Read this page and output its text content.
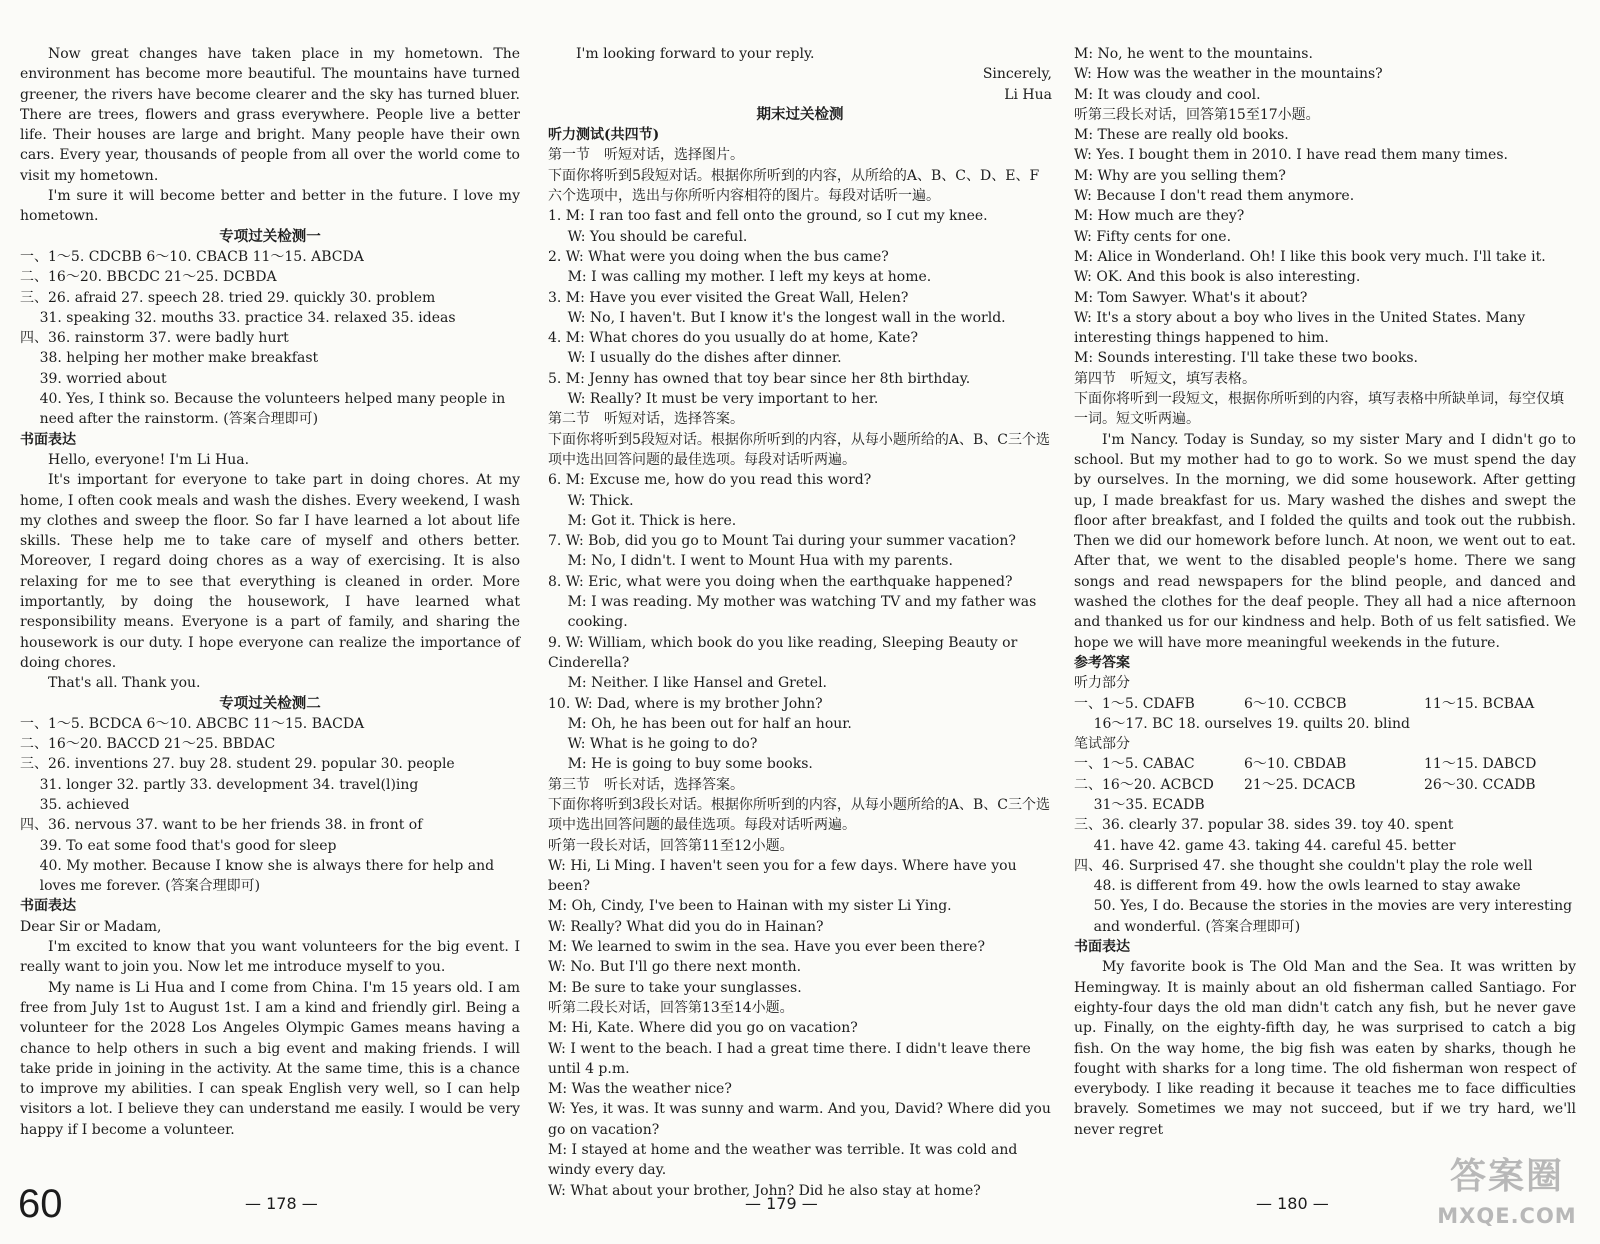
Now great changes have taken place in my hometown. The environment has become more beautiful. The mountains have turned greener, the rivers have become clearer and the sky has turned bluer. There are trees, flowers and grass everywhere. People live a better life. Their houses are large and bright. Many people have their own cars. Every year, thousands of people from all over the world come to visit my hometown.
I'm sure it will become better and better in the future. I love my hometown.
专项过关检测一
一、1～5. CDCBB 6～10. CBACB 11～15. ABCDA
二、16～20. BBCDC 21～25. DCBDA
三、26. afraid 27. speech 28. tried 29. quickly 30. problem
31. speaking 32. mouths 33. practice 34. relaxed 35. ideas
四、36. rainstorm 37. were badly hurt
38. helping her mother make breakfast
39. worried about
40. Yes, I think so. Because the volunteers helped many people in need after the rainstorm. (答案合理即可)
书面表达
Hello, everyone! I'm Li Hua.
It's important for everyone to take part in doing chores. At my home, I often cook meals and wash the dishes. Every weekend, I wash my clothes and sweep the floor. So far I have learned a lot about life skills. These help me to take care of myself and others better. Moreover, I regard doing chores as a way of exercising. It is also relaxing for me to see that everything is cleaned in order. More importantly, by doing the housework, I have learned what responsibility means. Everyone is a part of family, and sharing the housework is our duty. I hope everyone can realize the importance of doing chores.
That's all. Thank you.
专项过关检测二
一、1～5. BCDCA 6～10. ABCBC 11～15. BACDA
二、16～20. BACCD 21～25. BBDAC
三、26. inventions 27. buy 28. student 29. popular 30. people
31. longer 32. partly 33. development 34. travel(l)ing
35. achieved
四、36. nervous 37. want to be her friends 38. in front of
39. To eat some food that's good for sleep
40. My mother. Because I know she is always there for help and loves me forever. (答案合理即可)
书面表达
Dear Sir or Madam,
I'm excited to know that you want volunteers for the big event. I really want to join you. Now let me introduce myself to you.
My name is Li Hua and I come from China. I'm 15 years old. I am free from July 1st to August 1st. I am a kind and friendly girl. Being a volunteer for the 2028 Los Angeles Olympic Games means having a chance to help others in such a big event and making friends. I will take pride in joining in the activity. At the same time, this is a chance to improve my abilities. I can speak English very well, so I can help visitors a lot. I believe they can understand me easily. I would be very happy if I become a volunteer.
I'm looking forward to your reply.
Sincerely,
Li Hua
期末过关检测
听力测试(共四节)
第一节　听短对话，选择图片。
下面你将听到5段短对话。根据你所听到的内容，从所给的A、B、C、D、E、F六个选项中，选出与你所听内容相符的图片。每段对话听一遍。
1. M: I ran too fast and fell onto the ground, so I cut my knee.
W: You should be careful.
2. W: What were you doing when the bus came?
M: I was calling my mother. I left my keys at home.
3. M: Have you ever visited the Great Wall, Helen?
W: No, I haven't. But I know it's the longest wall in the world.
4. M: What chores do you usually do at home, Kate?
W: I usually do the dishes after dinner.
5. M: Jenny has owned that toy bear since her 8th birthday.
W: Really? It must be very important to her.
第二节　听短对话，选择答案。
下面你将听到5段短对话。根据你所听到的内容，从每小题所给的A、B、C三个选项中选出回答问题的最佳选项。每段对话听两遍。
6. M: Excuse me, how do you read this word?
W: Thick.
M: Got it. Thick is here.
7. W: Bob, did you go to Mount Tai during your summer vacation?
M: No, I didn't. I went to Mount Hua with my parents.
8. W: Eric, what were you doing when the earthquake happened?
M: I was reading. My mother was watching TV and my father was cooking.
9. W: William, which book do you like reading, Sleeping Beauty or Cinderella?
M: Neither. I like Hansel and Gretel.
10. W: Dad, where is my brother John?
M: Oh, he has been out for half an hour.
W: What is he going to do?
M: He is going to buy some books.
第三节　听长对话，选择答案。
下面你将听到3段长对话。根据你所听到的内容，从每小题所给的A、B、C三个选项中选出回答问题的最佳选项。每段对话听两遍。
听第一段长对话，回答第11至12小题。
W: Hi, Li Ming. I haven't seen you for a few days. Where have you been?
M: Oh, Cindy, I've been to Hainan with my sister Li Ying.
W: Really? What did you do in Hainan?
M: We learned to swim in the sea. Have you ever been there?
W: No. But I'll go there next month.
M: Be sure to take your sunglasses.
听第二段长对话，回答第13至14小题。
M: Hi, Kate. Where did you go on vacation?
W: I went to the beach. I had a great time there. I didn't leave there until 4 p.m.
M: Was the weather nice?
W: Yes, it was. It was sunny and warm. And you, David? Where did you go on vacation?
M: I stayed at home and the weather was terrible. It was cold and windy every day.
W: What about your brother, John? Did he also stay at home?
M: No, he went to the mountains.
W: How was the weather in the mountains?
M: It was cloudy and cool.
听第三段长对话，回答第15至17小题。
M: These are really old books.
W: Yes. I bought them in 2010. I have read them many times.
M: Why are you selling them?
W: Because I don't read them anymore.
M: How much are they?
W: Fifty cents for one.
M: Alice in Wonderland. Oh! I like this book very much. I'll take it.
W: OK. And this book is also interesting.
M: Tom Sawyer. What's it about?
W: It's a story about a boy who lives in the United States. Many interesting things happened to him.
M: Sounds interesting. I'll take these two books.
第四节　听短文，填写表格。
下面你将听到一段短文，根据你所听到的内容，填写表格中所缺单词，每空仅填一词。短文听两遍。
I'm Nancy. Today is Sunday, so my sister Mary and I didn't go to school. But my mother had to go to work. So we must spend the day by ourselves. In the morning, we did some housework. After getting up, I made breakfast for us. Mary washed the dishes and swept the floor after breakfast, and I folded the quilts and took out the rubbish. Then we did our homework before lunch. At noon, we went out to eat. After that, we went to the disabled people's home. There we sang songs and read newspapers for the blind people, and danced and washed the clothes for the deaf people. They all had a nice afternoon and thanked us for our kindness and help. Both of us felt satisfied. We hope we will have more meaningful weekends in the future.
参考答案
听力部分
一、1～5. CDAFB	6～10. CCBCB	11～15. BCBAA
16～17. BC 18. ourselves 19. quilts 20. blind
笔试部分
一、1～5. CABAC	6～10. CBDAB	11～15. DABCD
二、16～20. ACBCD	21～25. DCACB	26～30. CCADB
31～35. ECADB
三、36. clearly 37. popular 38. sides 39. toy 40. spent
41. have 42. game 43. taking 44. careful 45. better
四、46. Surprised 47. she thought she couldn't play the role well
48. is different from 49. how the owls learned to stay awake
50. Yes, I do. Because the stories in the movies are very interesting and wonderful. (答案合理即可)
书面表达
My favorite book is The Old Man and the Sea. It was written by Hemingway. It is mainly about an old fisherman called Santiago. For eighty-four days the old man didn't catch any fish, but he never gave up. Finally, on the eighty-fifth day, he was surprised to catch a big fish. On the way home, the big fish was eaten by sharks, though he fought with sharks for a long time. The old fisherman won respect of everybody. I like reading it because it teaches me to face difficulties bravely. Sometimes we may not succeed, but if we try hard, we'll never regret
— 178 —	— 179 —	— 180 —
60
答案圈
MXQE.COM
